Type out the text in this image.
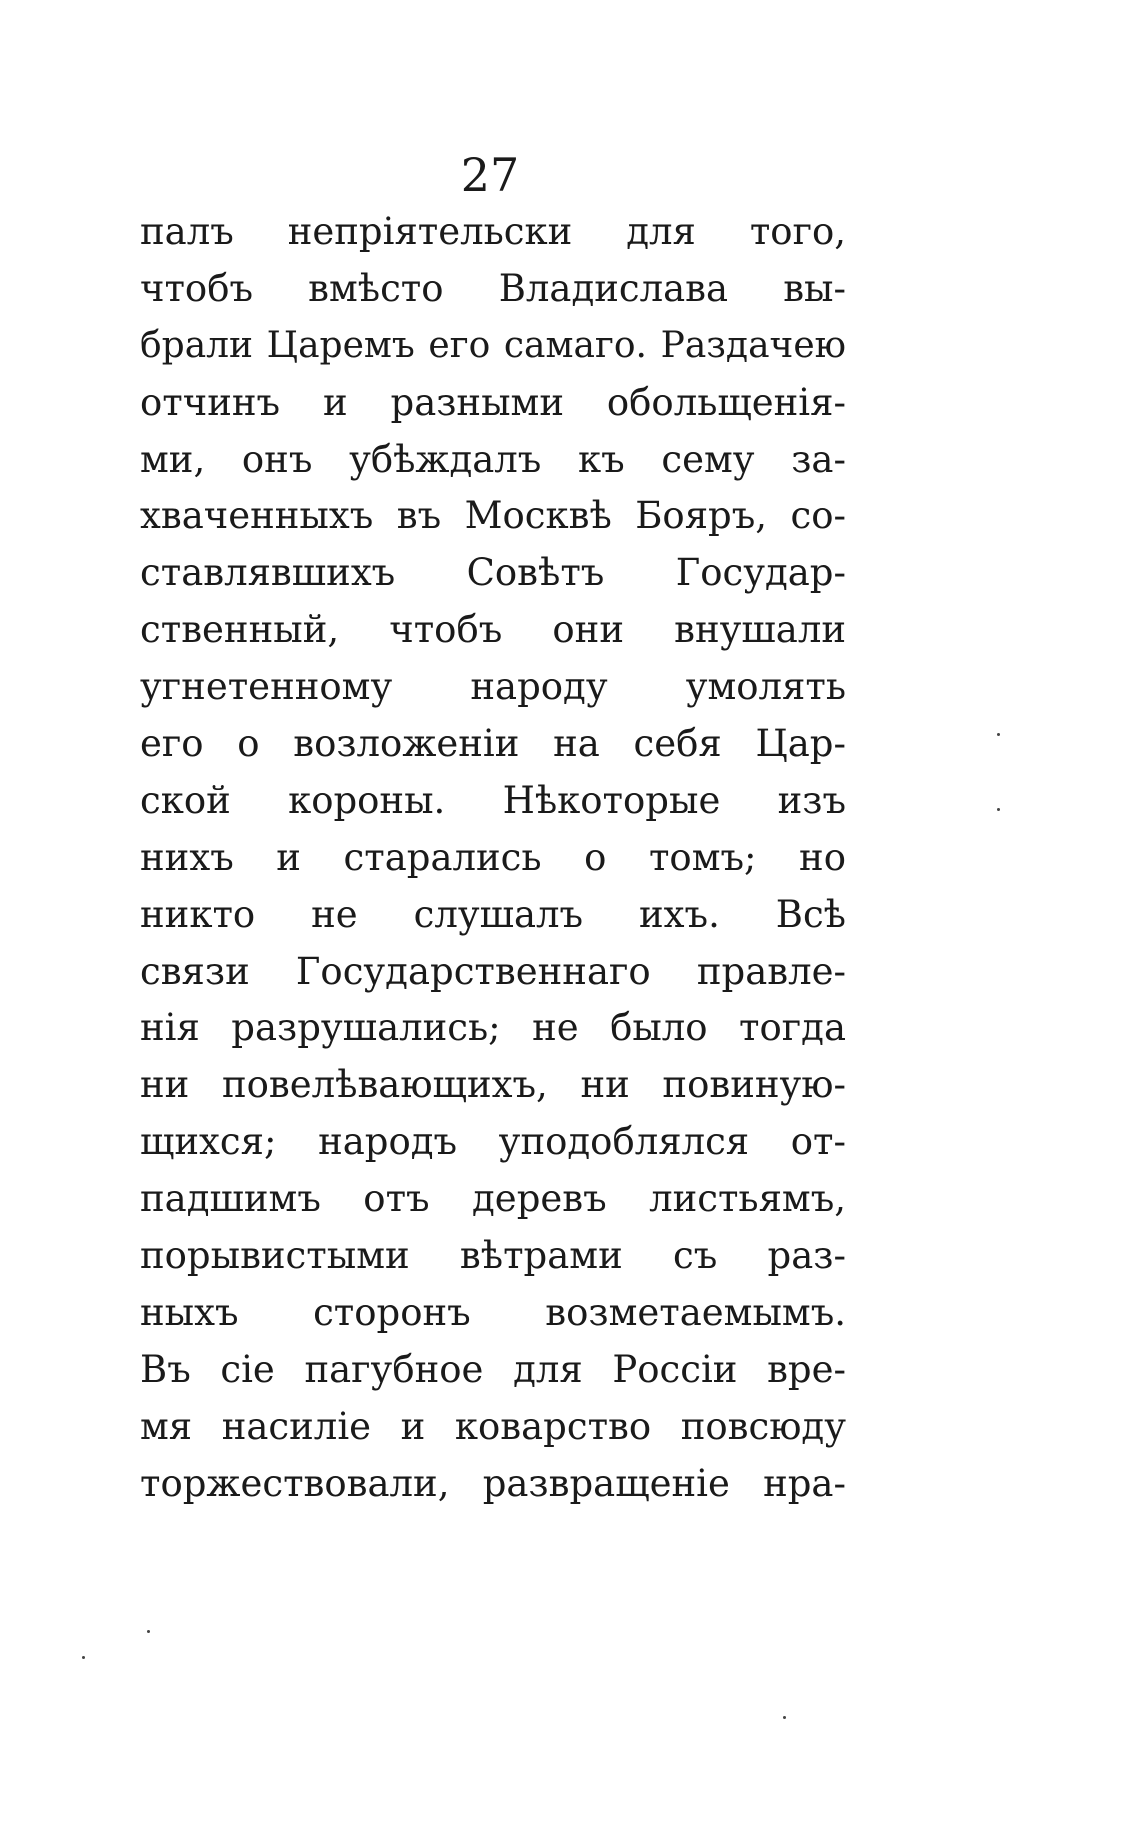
27
палъ непріятельски для того,
чтобъ вмѣсто Владислава вы-
брали Царемъ его самаго. Раздачею
отчинъ и разными обольщенія-
ми, онъ убѣждалъ къ сему за-
хваченныхъ въ Москвѣ Бояръ, со-
ставлявшихъ Совѣтъ Государ-
ственный, чтобъ они внушали
угнетенному народу умолять
его о возложеніи на себя Цар-
ской короны. Нѣкоторые изъ
нихъ и старались о томъ; но
никто не слушалъ ихъ. Всѣ
связи Государственнаго правле-
нія разрушались; не было тогда
ни повелѣвающихъ, ни повиную-
щихся; народъ уподоблялся от-
падшимъ отъ деревъ листьямъ,
порывистыми вѣтрами съ раз-
ныхъ сторонъ возметаемымъ.
Въ сіе пагубное для Россіи вре-
мя насиліе и коварство повсюду
торжествовали, развращеніе нра-
